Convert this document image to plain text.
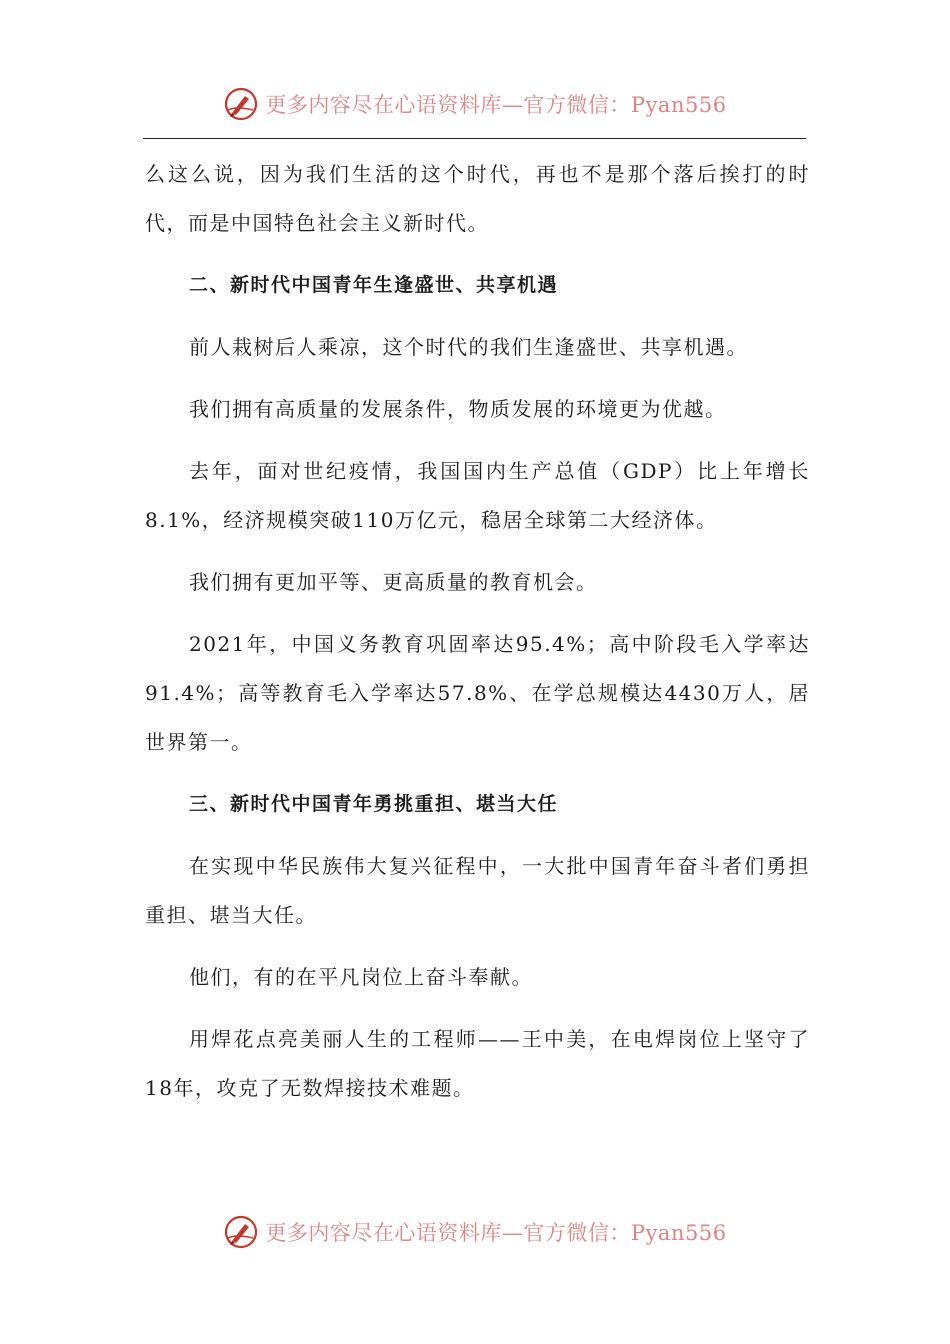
更多内容尽在心语资料库—官方微信：Pyan556

么这么说，因为我们生活的这个时代，再也不是那个落后挨打的时代，而是中国特色社会主义新时代。

二、新时代中国青年生逢盛世、共享机遇

前人栽树后人乘凉，这个时代的我们生逢盛世、共享机遇。

我们拥有高质量的发展条件，物质发展的环境更为优越。

去年，面对世纪疫情，我国国内生产总值（GDP）比上年增长8.1%，经济规模突破110万亿元，稳居全球第二大经济体。

我们拥有更加平等、更高质量的教育机会。

2021年，中国义务教育巩固率达95.4%；高中阶段毛入学率达91.4%；高等教育毛入学率达57.8%、在学总规模达4430万人，居世界第一。

三、新时代中国青年勇挑重担、堪当大任

在实现中华民族伟大复兴征程中，一大批中国青年奋斗者们勇担重担、堪当大任。

他们，有的在平凡岗位上奋斗奉献。

用焊花点亮美丽人生的工程师——王中美，在电焊岗位上坚守了18年，攻克了无数焊接技术难题。

更多内容尽在心语资料库—官方微信：Pyan556
